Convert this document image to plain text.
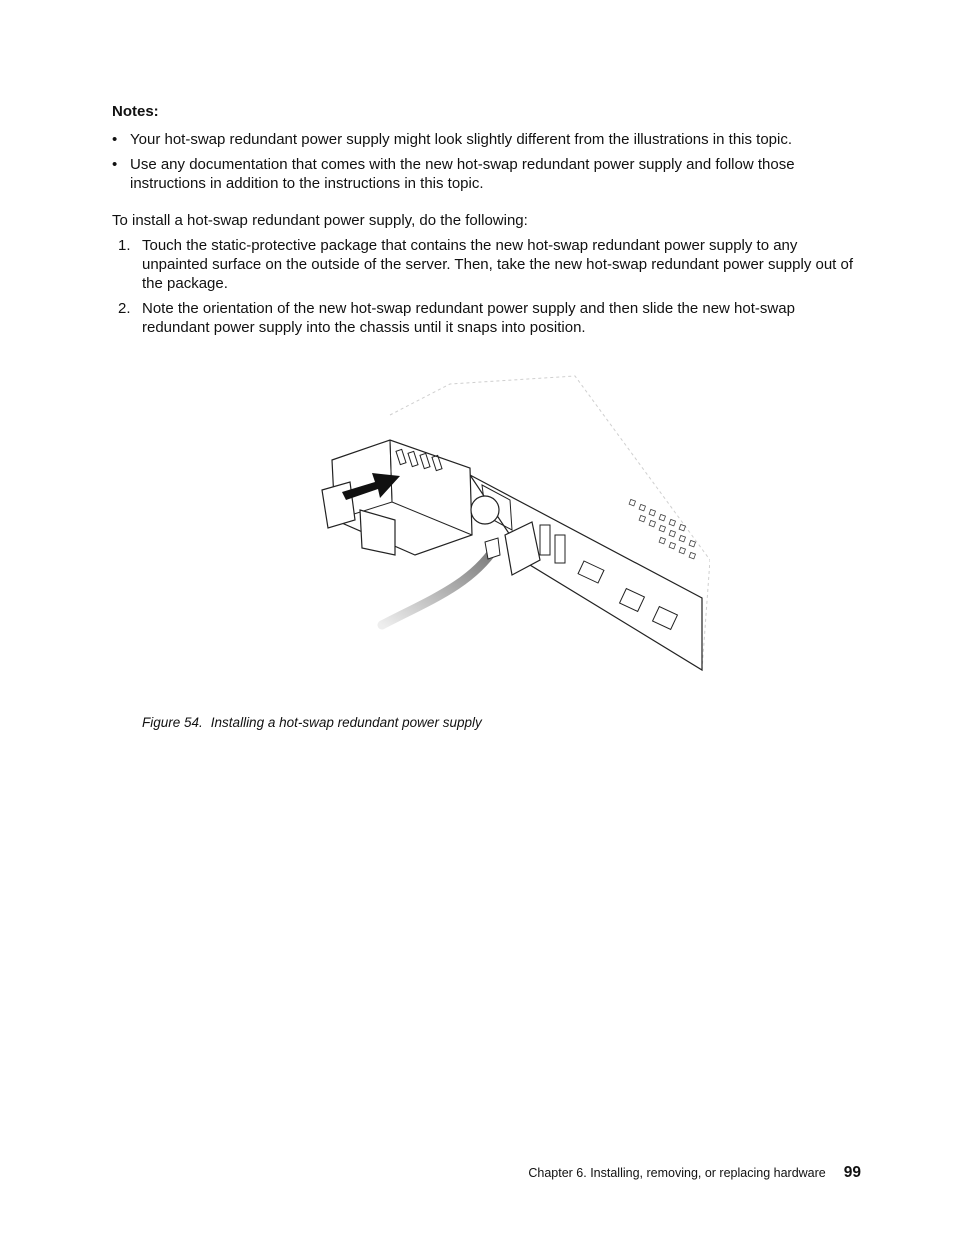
Notes:
• Your hot-swap redundant power supply might look slightly different from the illustrations in this topic.
• Use any documentation that comes with the new hot-swap redundant power supply and follow those instructions in addition to the instructions in this topic.
To install a hot-swap redundant power supply, do the following:
1. Touch the static-protective package that contains the new hot-swap redundant power supply to any unpainted surface on the outside of the server. Then, take the new hot-swap redundant power supply out of the package.
2. Note the orientation of the new hot-swap redundant power supply and then slide the new hot-swap redundant power supply into the chassis until it snaps into position.
Figure 54. Installing a hot-swap redundant power supply
Chapter 6. Installing, removing, or replacing hardware 99
